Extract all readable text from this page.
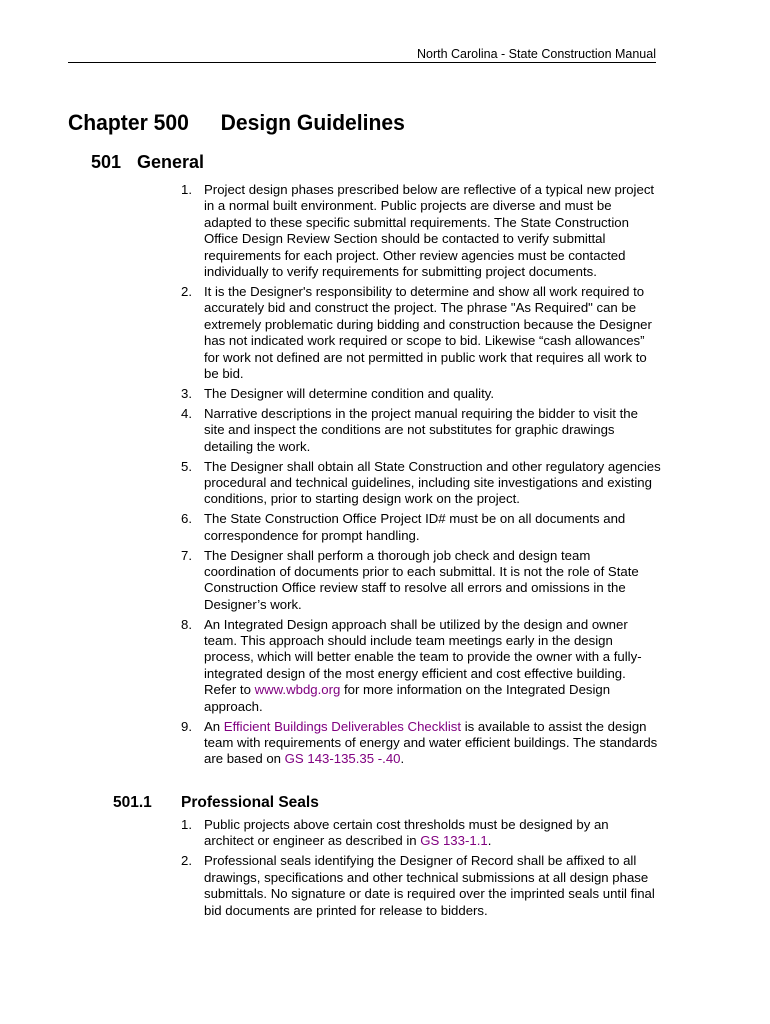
North Carolina - State Construction Manual
Chapter 500 Design Guidelines
501 General
1. Project design phases prescribed below are reflective of a typical new project in a normal built environment. Public projects are diverse and must be adapted to these specific submittal requirements. The State Construction Office Design Review Section should be contacted to verify submittal requirements for each project. Other review agencies must be contacted individually to verify requirements for submitting project documents.
2. It is the Designer's responsibility to determine and show all work required to accurately bid and construct the project. The phrase "As Required" can be extremely problematic during bidding and construction because the Designer has not indicated work required or scope to bid. Likewise “cash allowances” for work not defined are not permitted in public work that requires all work to be bid.
3. The Designer will determine condition and quality.
4. Narrative descriptions in the project manual requiring the bidder to visit the site and inspect the conditions are not substitutes for graphic drawings detailing the work.
5. The Designer shall obtain all State Construction and other regulatory agencies procedural and technical guidelines, including site investigations and existing conditions, prior to starting design work on the project.
6. The State Construction Office Project ID# must be on all documents and correspondence for prompt handling.
7. The Designer shall perform a thorough job check and design team coordination of documents prior to each submittal. It is not the role of State Construction Office review staff to resolve all errors and omissions in the Designer’s work.
8. An Integrated Design approach shall be utilized by the design and owner team. This approach should include team meetings early in the design process, which will better enable the team to provide the owner with a fully-integrated design of the most energy efficient and cost effective building. Refer to www.wbdg.org for more information on the Integrated Design approach.
9. An Efficient Buildings Deliverables Checklist is available to assist the design team with requirements of energy and water efficient buildings. The standards are based on GS 143-135.35 -.40.
501.1 Professional Seals
1. Public projects above certain cost thresholds must be designed by an architect or engineer as described in GS 133-1.1.
2. Professional seals identifying the Designer of Record shall be affixed to all drawings, specifications and other technical submissions at all design phase submittals. No signature or date is required over the imprinted seals until final bid documents are printed for release to bidders.
